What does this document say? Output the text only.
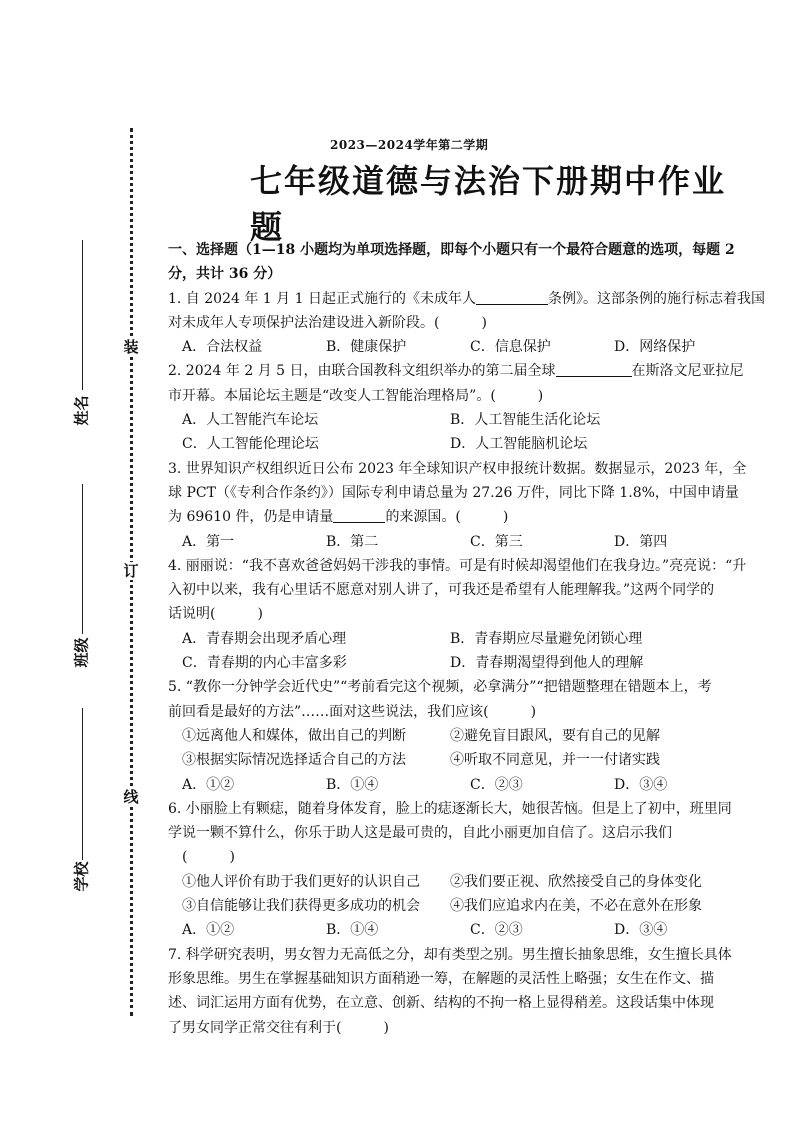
装
订
线
姓名
班级
学校
2023—2024学年第二学期
七年级道德与法治下册期中作业题
一、选择题（1—18 小题均为单项选择题，即每个小题只有一个最符合题意的选项，每题 2
分，共计 36 分）
1. 自 2024 年 1 月 1 日起正式施行的《未成年人	条例》。这部条例的施行标志着我国
对未成年人专项保护法治建设进入新阶段。(　　　)
A．合法权益	B．健康保护	C．信息保护	D．网络保护
2. 2024 年 2 月 5 日，由联合国教科文组织举办的第二届全球	在斯洛文尼亚拉尼
市开幕。本届论坛主题是“改变人工智能治理格局”。(　　　)
A．人工智能汽车论坛	B．人工智能生活化论坛
C．人工智能伦理论坛	D．人工智能脑机论坛
3. 世界知识产权组织近日公布 2023 年全球知识产权申报统计数据。数据显示，2023 年，全
球 PCT（《专利合作条约》）国际专利申请总量为 27.26 万件，同比下降 1.8%，中国申请量
为 69610 件，仍是申请量	的来源国。(　　　)
A．第一	B．第二	C．第三	D．第四
4. 丽丽说：“我不喜欢爸爸妈妈干涉我的事情。可是有时候却渴望他们在我身边。”亮亮说：“升
入初中以来，我有心里话不愿意对别人讲了，可我还是希望有人能理解我。”这两个同学的
话说明(　　　)
A．青春期会出现矛盾心理	B．青春期应尽量避免闭锁心理
C．青春期的内心丰富多彩	D．青春期渴望得到他人的理解
5. “教你一分钟学会近代史”“考前看完这个视频，必拿满分”“把错题整理在错题本上，考
前回看是最好的方法”……面对这些说法，我们应该(　　　)
①远离他人和媒体，做出自己的判断	②避免盲目跟风，要有自己的见解
③根据实际情况选择适合自己的方法	④听取不同意见，并一一付诸实践
A．①②	B．①④	C．②③	D．③④
6. 小丽脸上有颗痣，随着身体发育，脸上的痣逐渐长大，她很苦恼。但是上了初中，班里同
学说一颗不算什么，你乐于助人这是最可贵的，自此小丽更加自信了。这启示我们
(　　　)
①他人评价有助于我们更好的认识自己	②我们要正视、欣然接受自己的身体变化
③自信能够让我们获得更多成功的机会	④我们应追求内在美，不必在意外在形象
A．①②	B．①④	C．②③	D．③④
7. 科学研究表明，男女智力无高低之分，却有类型之别。男生擅长抽象思维，女生擅长具体
形象思维。男生在掌握基础知识方面稍逊一筹，在解题的灵活性上略强；女生在作文、描
述、词汇运用方面有优势，在立意、创新、结构的不拘一格上显得稍差。这段话集中体现
了男女同学正常交往有利于(　　　)
